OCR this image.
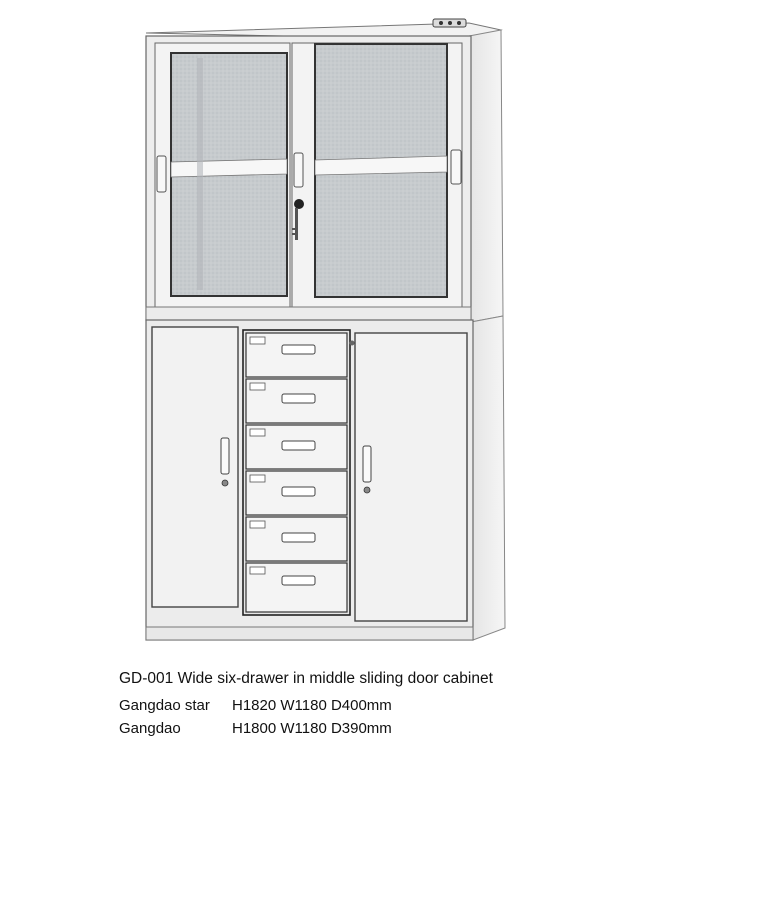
GD-001 Wide six-drawer in middle sliding door cabinet
Gangdao star H1820 W1180 D400mm
Gangdao	H1800 W1180 D390mm
